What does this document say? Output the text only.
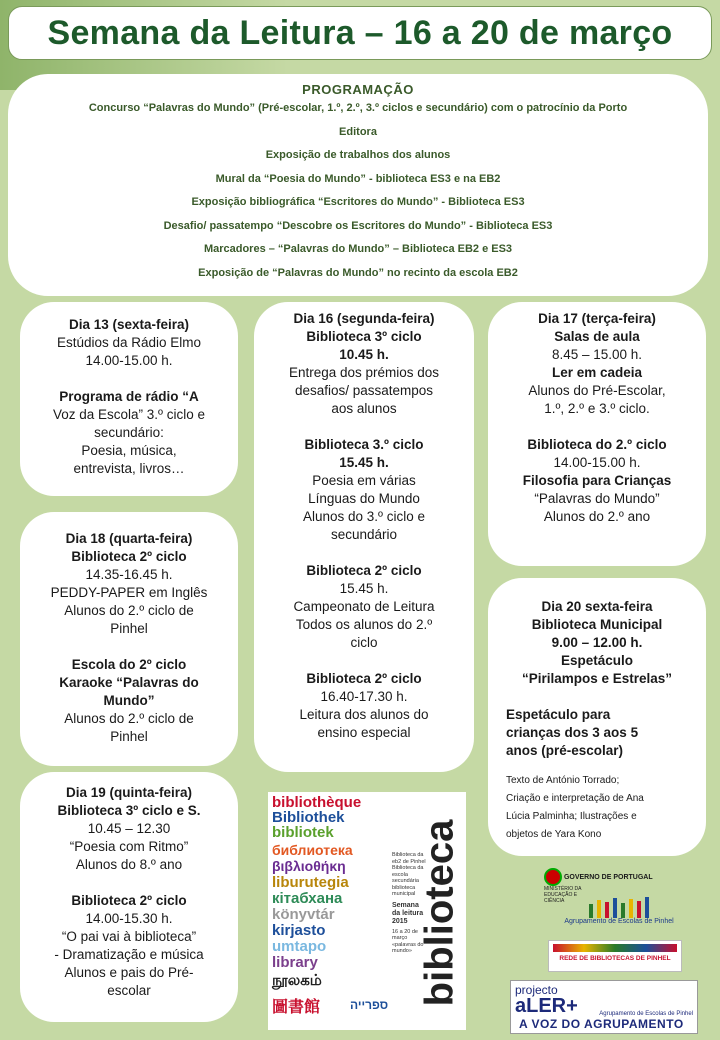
Semana da Leitura – 16 a 20 de março
PROGRAMAÇÃO
Concurso “Palavras do Mundo” (Pré-escolar, 1.º, 2.º, 3.º ciclos e secundário) com o patrocínio da Porto
Editora
Exposição de trabalhos dos alunos
Mural da “Poesia do Mundo” - biblioteca ES3 e na EB2
Exposição bibliográfica “Escritores do Mundo” - Biblioteca ES3
Desafio/ passatempo “Descobre os Escritores do Mundo” - Biblioteca ES3
Marcadores – “Palavras do Mundo” – Biblioteca EB2 e ES3
Exposição de “Palavras do Mundo” no recinto da escola EB2
Dia 13 (sexta-feira)
Estúdios da Rádio Elmo
14.00-15.00 h.
Programa de rádio “A
Voz da Escola” 3.º ciclo e
secundário:
Poesia, música,
entrevista, livros…
Dia 16 (segunda-feira)
Biblioteca 3º ciclo
10.45 h.
Entrega dos prémios dos
desafios/ passatempos
aos alunos
Biblioteca 3.º ciclo
15.45 h.
Poesia em várias
Línguas do Mundo
Alunos do 3.º ciclo e
secundário
Biblioteca 2º ciclo
15.45 h.
Campeonato de Leitura
Todos os alunos do 2.º
ciclo
Biblioteca 2º ciclo
16.40-17.30 h.
Leitura dos alunos do
ensino especial
Dia 17 (terça-feira)
Salas de aula
8.45 – 15.00 h.
Ler em cadeia
Alunos do Pré-Escolar,
1.º, 2.º e 3.º ciclo.
Biblioteca do 2.º ciclo
14.00-15.00 h.
Filosofia para Crianças
“Palavras do Mundo”
Alunos do 2.º ano
Dia 18 (quarta-feira)
Biblioteca 2º ciclo
14.35-16.45 h.
PEDDY-PAPER em Inglês
Alunos do 2.º ciclo de
Pinhel
Escola do 2º ciclo
Karaoke “Palavras do
Mundo”
Alunos do 2.º ciclo de
Pinhel
Dia 20 sexta-feira
Biblioteca Municipal
9.00 – 12.00 h.
Espetáculo
“Pirilampos e Estrelas”
Espetáculo para
crianças dos 3 aos 5
anos (pré-escolar)
Texto de António Torrado;
Criação e interpretação de Ana
Lúcia Palminha; Ilustrações e
objetos de Yara Kono
Dia 19 (quinta-feira)
Biblioteca 3º ciclo e S.
10.45 – 12.30
“Poesia com Ritmo”
Alunos do 8.º ano
Biblioteca 2º ciclo
14.00-15.30 h.
“O pai vai à biblioteca”
- Dramatização e música
Alunos e pais do Pré-
escolar
bibliothèque
Bibliothek
bibliotek
библиотека
βιβλιοθήκη
liburutegia
кітабхана
könyvtár
kirjasto
umtapo
library
நூலகம்
圖書館 ספרייה
Biblioteca da eb2 de Pinhel Biblioteca da escola secundária biblioteca municipal
Semana da leitura 2015
16 a 20 de março «palavras do mundo» biblioteca	GOVERNO DE PORTUGAL MINISTÉRIO DA EDUCAÇÃO E CIÊNCIA
Agrupamento de Escolas de Pinhel
REDE DE BIBLIOTECAS DE PINHEL
projecto
aLER+	Agrupamento de Escolas de Pinhel
A VOZ DO AGRUPAMENTO
